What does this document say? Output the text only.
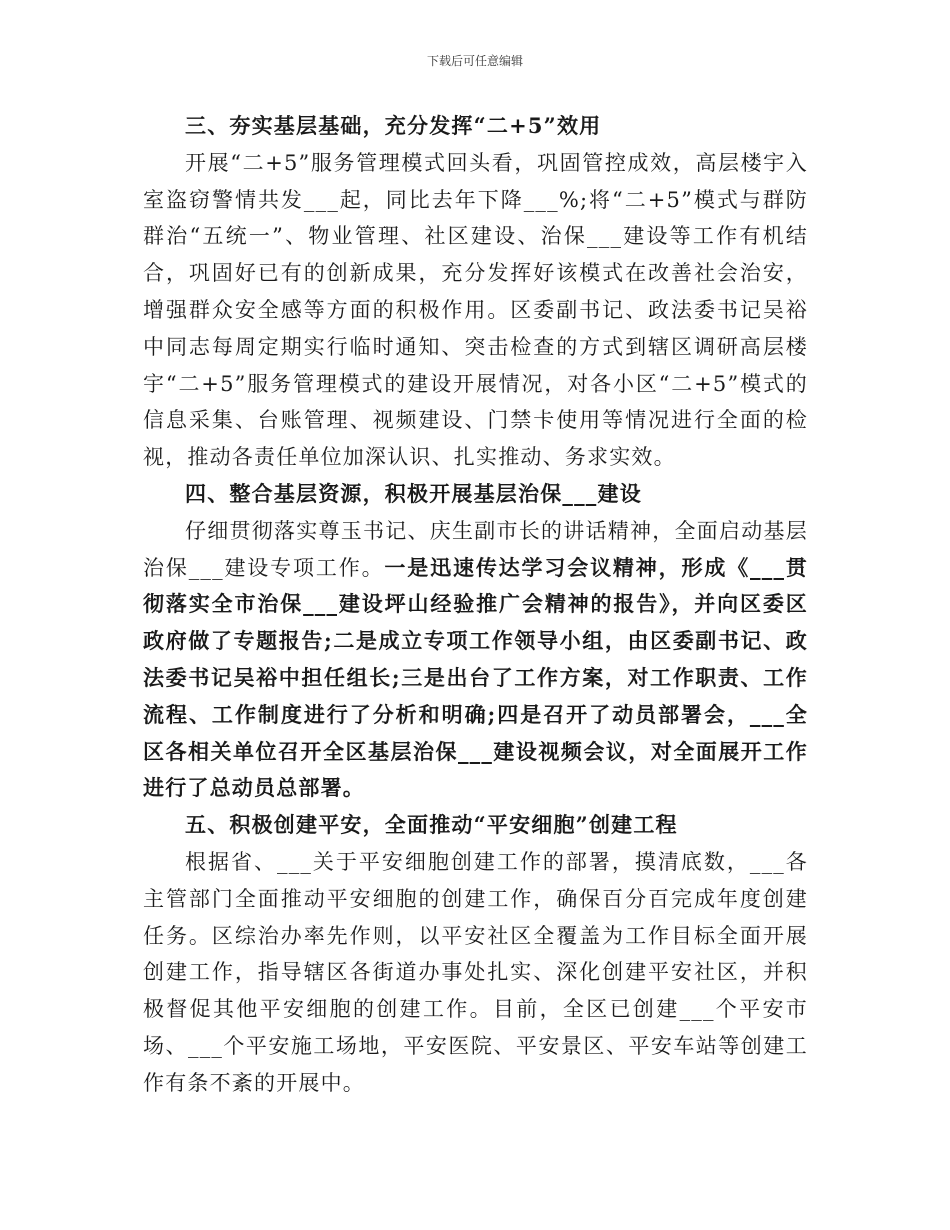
下载后可任意编辑

三、夯实基层基础，充分发挥“二+5”效用

开展“二+5”服务管理模式回头看，巩固管控成效，高层楼宇入室盗窃警情共发___起，同比去年下降___%;将“二+5”模式与群防群治“五统一”、物业管理、社区建设、治保___建设等工作有机结合，巩固好已有的创新成果，充分发挥好该模式在改善社会治安，增强群众安全感等方面的积极作用。区委副书记、政法委书记吴裕中同志每周定期实行临时通知、突击检查的方式到辖区调研高层楼宇“二+5”服务管理模式的建设开展情况，对各小区“二+5”模式的信息采集、台账管理、视频建设、门禁卡使用等情况进行全面的检视，推动各责任单位加深认识、扎实推动、务求实效。

四、整合基层资源，积极开展基层治保___建设

仔细贯彻落实尊玉书记、庆生副市长的讲话精神，全面启动基层治保___建设专项工作。一是迅速传达学习会议精神，形成《___贯彻落实全市治保___建设坪山经验推广会精神的报告》，并向区委区政府做了专题报告;二是成立专项工作领导小组，由区委副书记、政法委书记吴裕中担任组长;三是出台了工作方案，对工作职责、工作流程、工作制度进行了分析和明确;四是召开了动员部署会，___全区各相关单位召开全区基层治保___建设视频会议，对全面展开工作进行了总动员总部署。

五、积极创建平安，全面推动“平安细胞”创建工程

根据省、___关于平安细胞创建工作的部署，摸清底数，___各主管部门全面推动平安细胞的创建工作，确保百分百完成年度创建任务。区综治办率先作则，以平安社区全覆盖为工作目标全面开展创建工作，指导辖区各街道办事处扎实、深化创建平安社区，并积极督促其他平安细胞的创建工作。目前，全区已创建___个平安市场、___个平安施工场地，平安医院、平安景区、平安车站等创建工作有条不紊的开展中。
